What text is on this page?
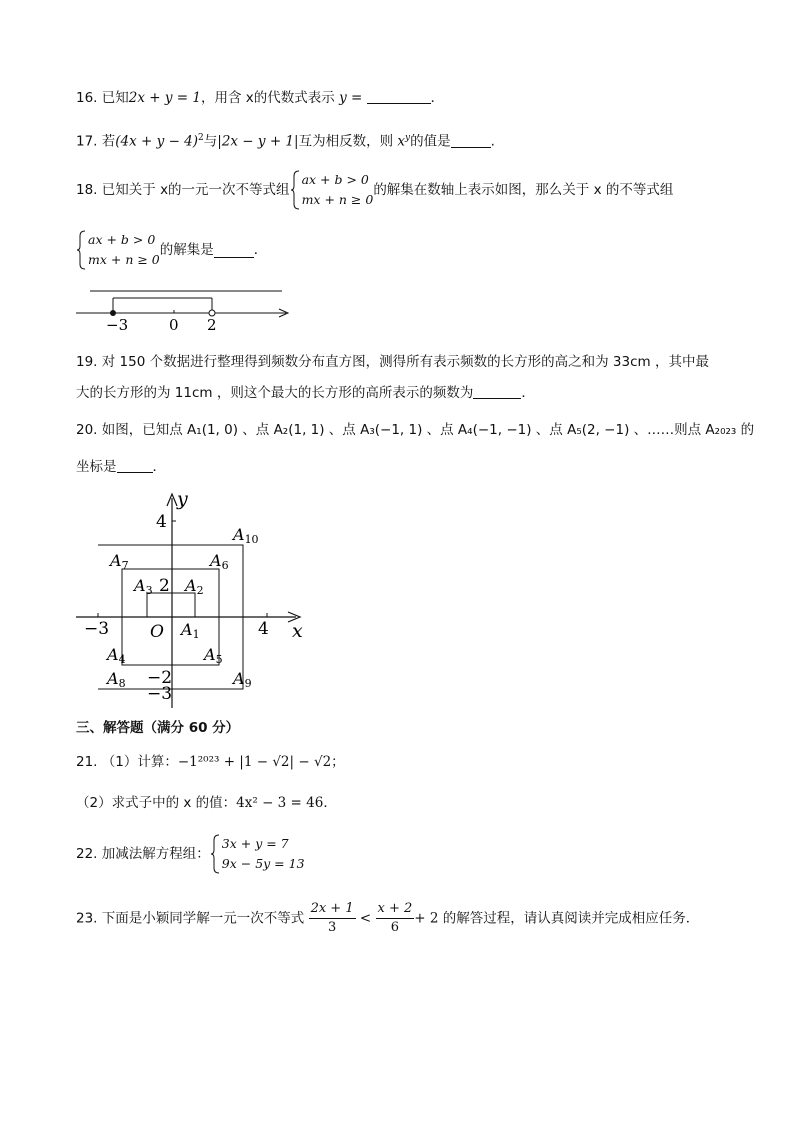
16. 已知2x + y = 1，用含 x的代数式表示 y =	．
17. 若$(4x + y - 4)^2$与|2x − y + 1|互为相反数，则 $x^y$的值是	.
18. 已知关于 x的一元一次不等式组
ax + b > 0
mx + n ≥ 0
的解集在数轴上表示如图，那么关于 x 的不等式组
ax + b > 0
mx + n ≥ 0
的解集是	．
−3	0 2
19. 对 150 个数据进行整理得到频数分布直方图，测得所有表示频数的长方形的高之和为 33cm ，其中最
大的长方形的为 11cm ，则这个最大的长方形的高所表示的频数为	．
20. 如图，已知点 A₁(1, 0) 、点 A₂(1, 1) 、点 A₃(−1, 1) 、点 A₄(−1, −1) 、点 A₅(2, −1) 、……则点 A₂₀₂₃ 的
坐标是	．
y
x
4
2
−3	4
−2
−3
O A1
A2
A3
A4	A5
A6
A7
A8	A9
A10
三、解答题（满分 60 分）
21. （1）计算：−1²⁰²³ + |1 − √2| − √2；
（2）求式子中的 x 的值：4x² − 3 = 46．
22. 加减法解方程组：
3x + y = 7
9x − 5y = 13
23. 下面是小颖同学解一元一次不等式 $\frac{2x + 1}{3} < \frac{x + 2}{6} + 2$ 的解答过程，请认真阅读并完成相应任务．
